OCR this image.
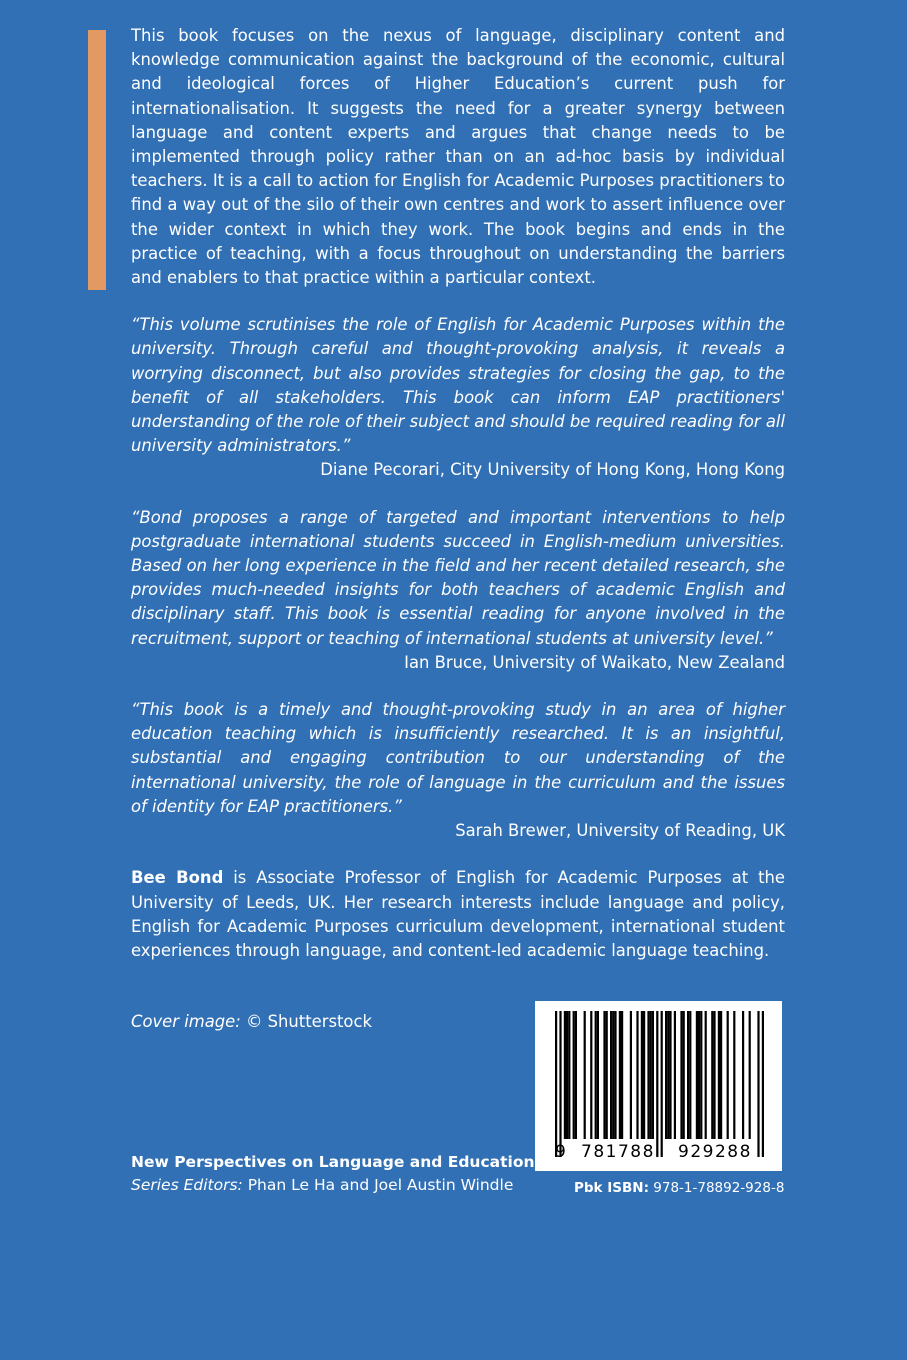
This book focuses on the nexus of language, disciplinary content and knowledge communication against the background of the economic, cultural and ideological forces of Higher Education’s current push for internationalisation. It suggests the need for a greater synergy between language and content experts and argues that change needs to be implemented through policy rather than on an ad-hoc basis by individual teachers. It is a call to action for English for Academic Purposes practitioners to find a way out of the silo of their own centres and work to assert influence over the wider context in which they work. The book begins and ends in the practice of teaching, with a focus throughout on understanding the barriers and enablers to that practice within a particular context.

“This volume scrutinises the role of English for Academic Purposes within the university. Through careful and thought-provoking analysis, it reveals a worrying disconnect, but also provides strategies for closing the gap, to the benefit of all stakeholders. This book can inform EAP practitioners' understanding of the role of their subject and should be required reading for all university administrators.”

Diane Pecorari, City University of Hong Kong, Hong Kong

“Bond proposes a range of targeted and important interventions to help postgraduate international students succeed in English-medium universities. Based on her long experience in the field and her recent detailed research, she provides much-needed insights for both teachers of academic English and disciplinary staff. This book is essential reading for anyone involved in the recruitment, support or teaching of international students at university level.”

Ian Bruce, University of Waikato, New Zealand

“This book is a timely and thought-provoking study in an area of higher education teaching which is insufficiently researched. It is an insightful, substantial and engaging contribution to our understanding of the international university, the role of language in the curriculum and the issues of identity for EAP practitioners.”

Sarah Brewer, University of Reading, UK

Bee Bond is Associate Professor of English for Academic Purposes at the University of Leeds, UK. Her research interests include language and policy, English for Academic Purposes curriculum development, international student experiences through language, and content-led academic language teaching.
Cover image: © Shutterstock
New Perspectives on Language and Education
Series Editors: Phan Le Ha and Joel Austin Windle
9 781788 929288
Pbk ISBN: 978-1-78892-928-8
